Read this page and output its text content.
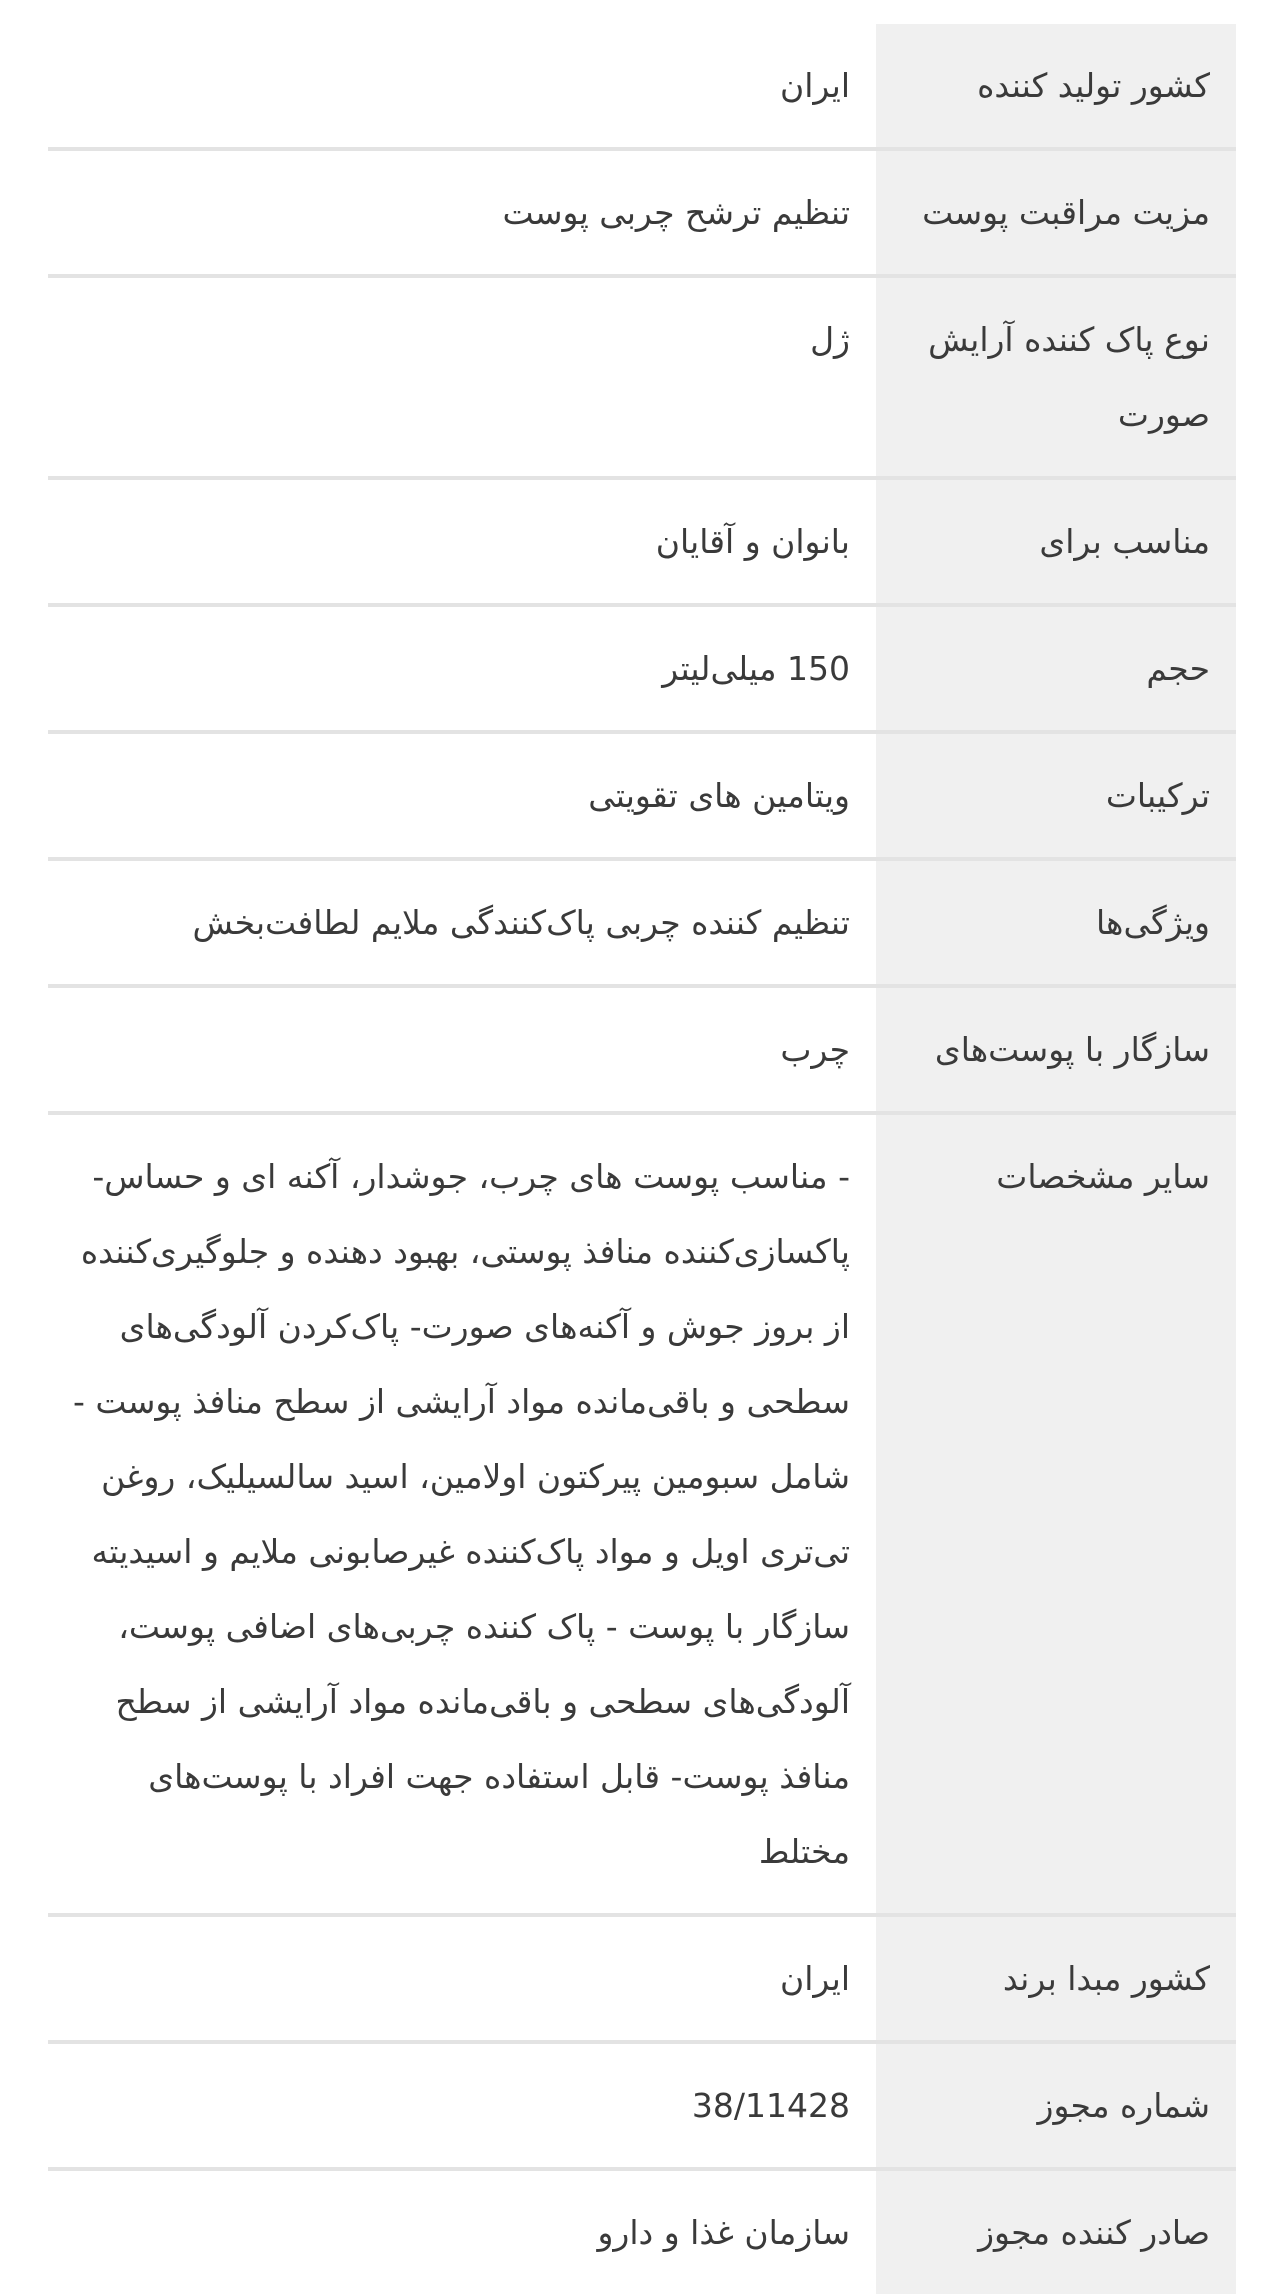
کشور تولید کننده
ایران
مزیت مراقبت پوست
تنظیم ترشح چربی پوست
نوع پاک کننده آرایش صورت
ژل
مناسب برای
بانوان و آقایان
حجم
150 میلی‌لیتر
ترکیبات
ویتامین های تقویتی
ویژگی‌ها
تنظیم کننده چربی پاک‌کنندگی ملایم لطافت‌بخش
سازگار با پوست‌های
چرب
سایر مشخصات
- مناسب پوست های چرب، جوشدار، آکنه ای و حساس- پاکسازی‌کننده منافذ پوستی، بهبود دهنده و جلوگیری‌کننده از بروز جوش و آکنه‌های صورت- پاک‌کردن آلودگی‌های سطحی و باقی‌مانده مواد آرایشی از سطح منافذ پوست - شامل سبومین پیرکتون اولامین، اسید سالسیلیک، روغن تی‌تری اویل و مواد پاک‌کننده غیرصابونی ملایم و اسیدیته سازگار با پوست - پاک کننده چربی‌های اضافی پوست، آلودگی‌های سطحی و باقی‌مانده مواد آرایشی از سطح منافذ پوست- قابل استفاده جهت افراد با پوست‌های مختلط
کشور مبدا برند
ایران
شماره مجوز
38/11428
صادر کننده مجوز
سازمان غذا و دارو
